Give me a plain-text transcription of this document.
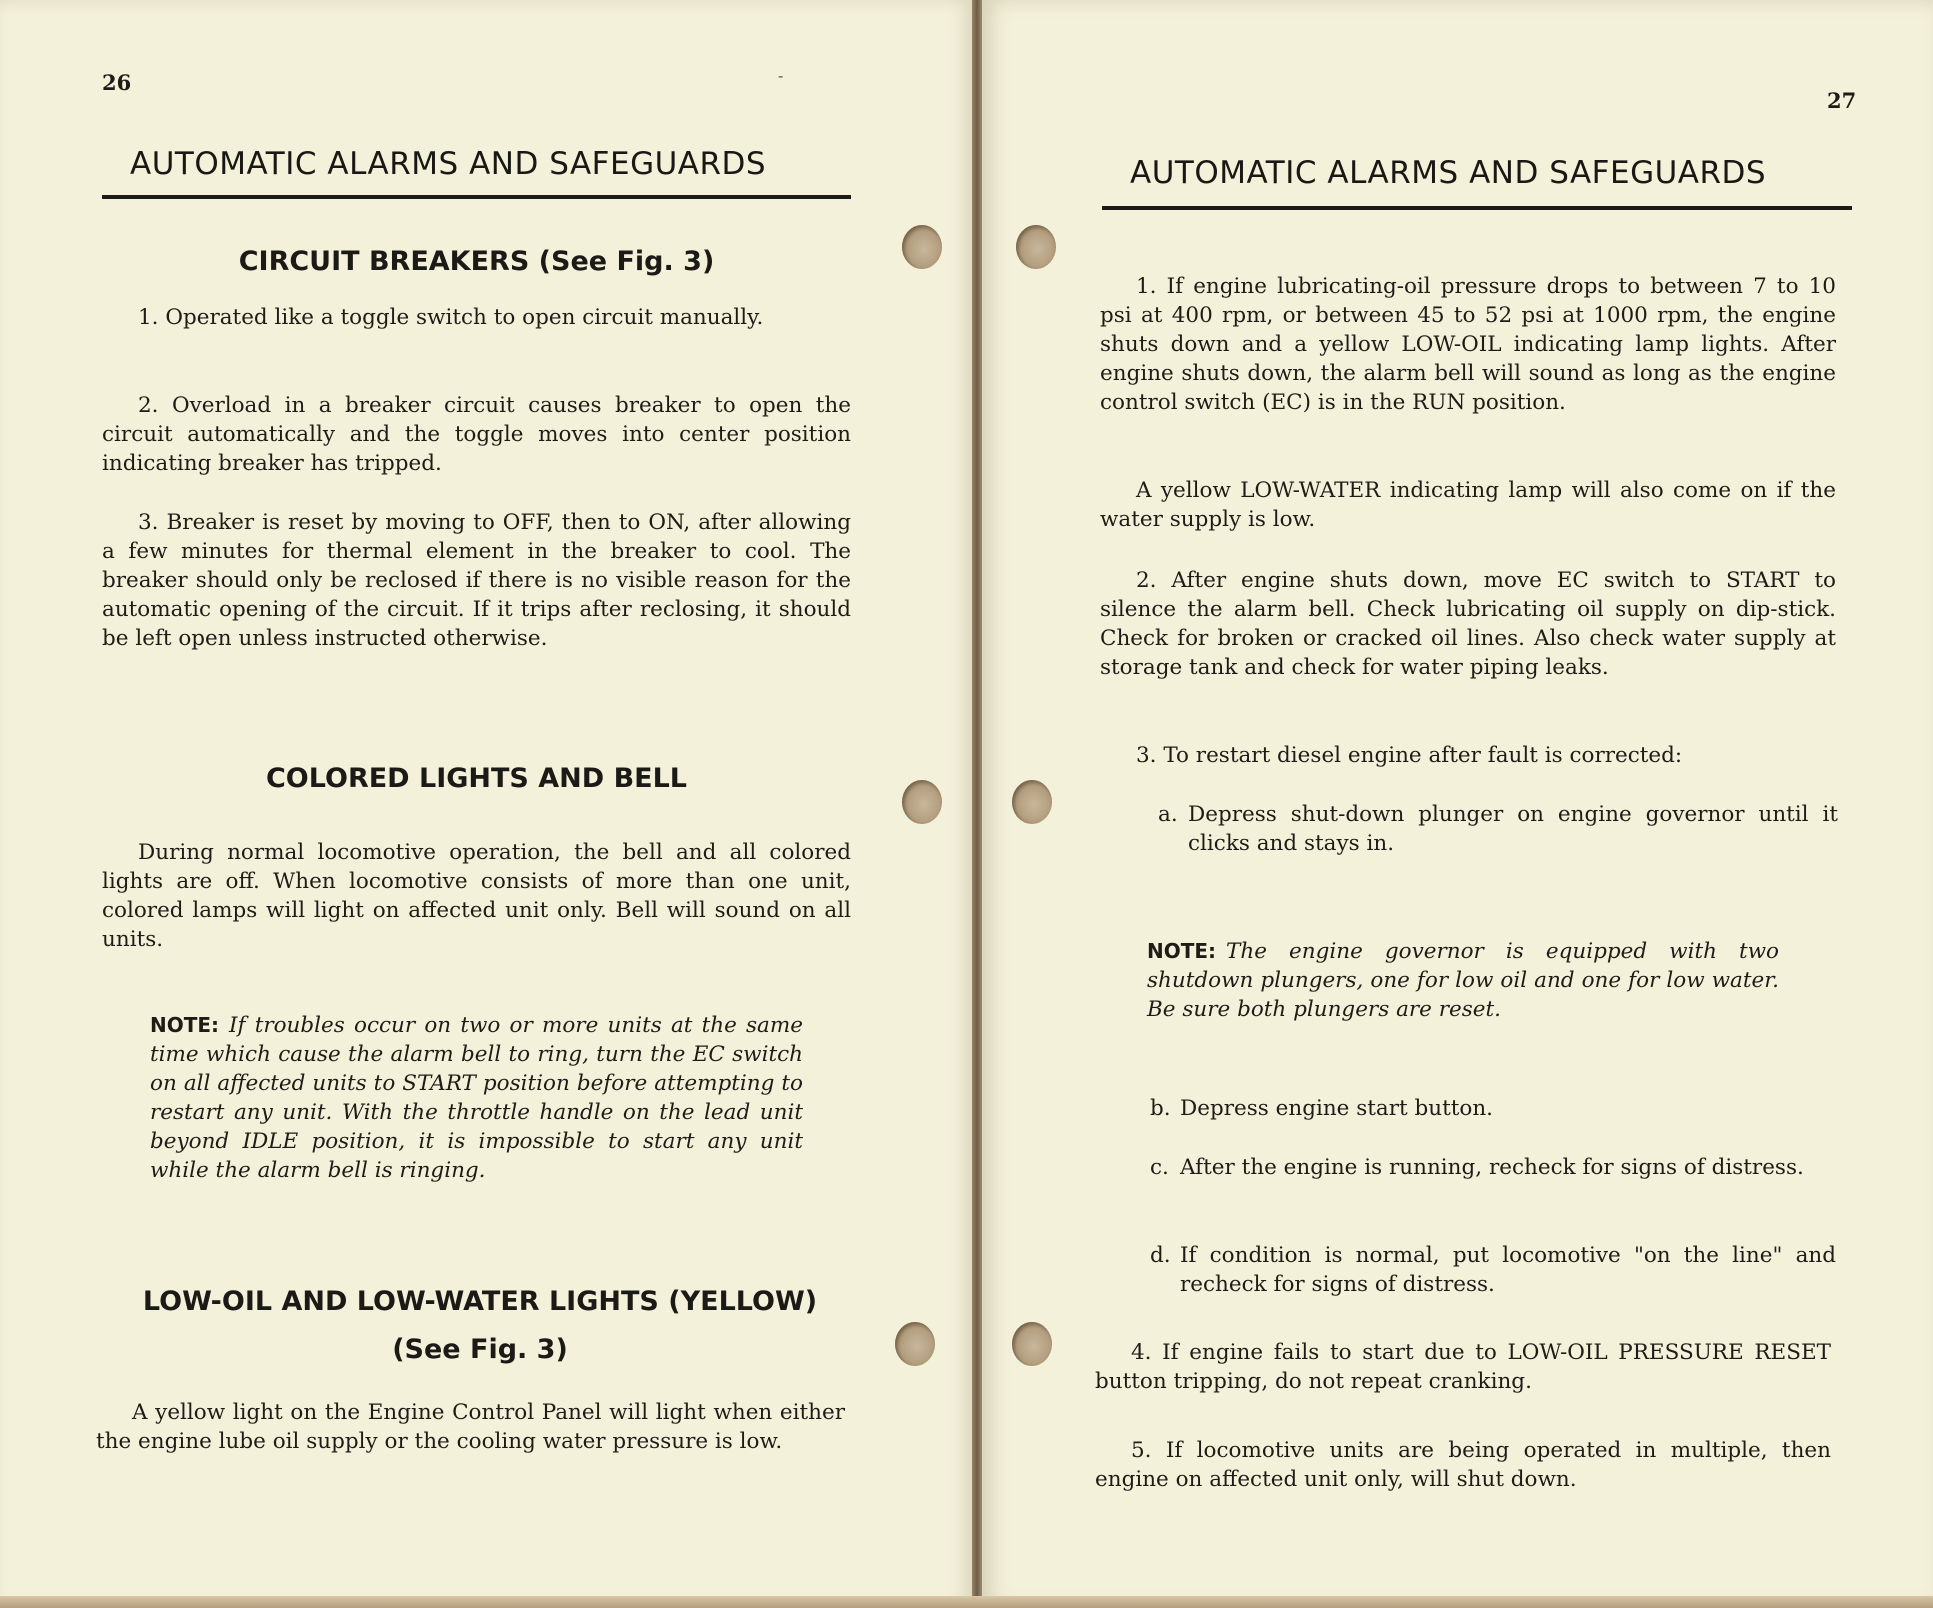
26	-
AUTOMATIC ALARMS AND SAFEGUARDS
CIRCUIT BREAKERS (See Fig. 3)
1. Operated like a toggle switch to open circuit manually.
2. Overload in a breaker circuit causes breaker to open the circuit automatically and the toggle moves into center position indicating breaker has tripped.
3. Breaker is reset by moving to OFF, then to ON, after allowing a few minutes for thermal element in the breaker to cool. The breaker should only be reclosed if there is no visible reason for the automatic opening of the circuit. If it trips after reclosing, it should be left open unless instructed otherwise.
COLORED LIGHTS AND BELL
During normal locomotive operation, the bell and all colored lights are off. When locomotive consists of more than one unit, colored lamps will light on affected unit only. Bell will sound on all units.
NOTE: If troubles occur on two or more units at the same time which cause the alarm bell to ring, turn the EC switch on all affected units to START position before attempting to restart any unit. With the throttle handle on the lead unit beyond IDLE position, it is impossible to start any unit while the alarm bell is ringing.
LOW-OIL AND LOW-WATER LIGHTS (YELLOW)
(See Fig. 3)
A yellow light on the Engine Control Panel will light when either the engine lube oil supply or the cooling water pressure is low.
27
AUTOMATIC ALARMS AND SAFEGUARDS
1. If engine lubricating-oil pressure drops to between 7 to 10 psi at 400 rpm, or between 45 to 52 psi at 1000 rpm, the engine shuts down and a yellow LOW-OIL indicating lamp lights. After engine shuts down, the alarm bell will sound as long as the engine control switch (EC) is in the RUN position.
A yellow LOW-WATER indicating lamp will also come on if the water supply is low.
2. After engine shuts down, move EC switch to START to silence the alarm bell. Check lubricating oil supply on dip-stick. Check for broken or cracked oil lines. Also check water supply at storage tank and check for water piping leaks.
3. To restart diesel engine after fault is corrected:
a. Depress shut-down plunger on engine governor until it clicks and stays in.
NOTE: The engine governor is equipped with two shutdown plungers, one for low oil and one for low water. Be sure both plungers are reset.
b. Depress engine start button.
c. After the engine is running, recheck for signs of distress.
d. If condition is normal, put locomotive "on the line" and recheck for signs of distress.
4. If engine fails to start due to LOW-OIL PRESSURE RESET button tripping, do not repeat cranking.
5. If locomotive units are being operated in multiple, then engine on affected unit only, will shut down.
